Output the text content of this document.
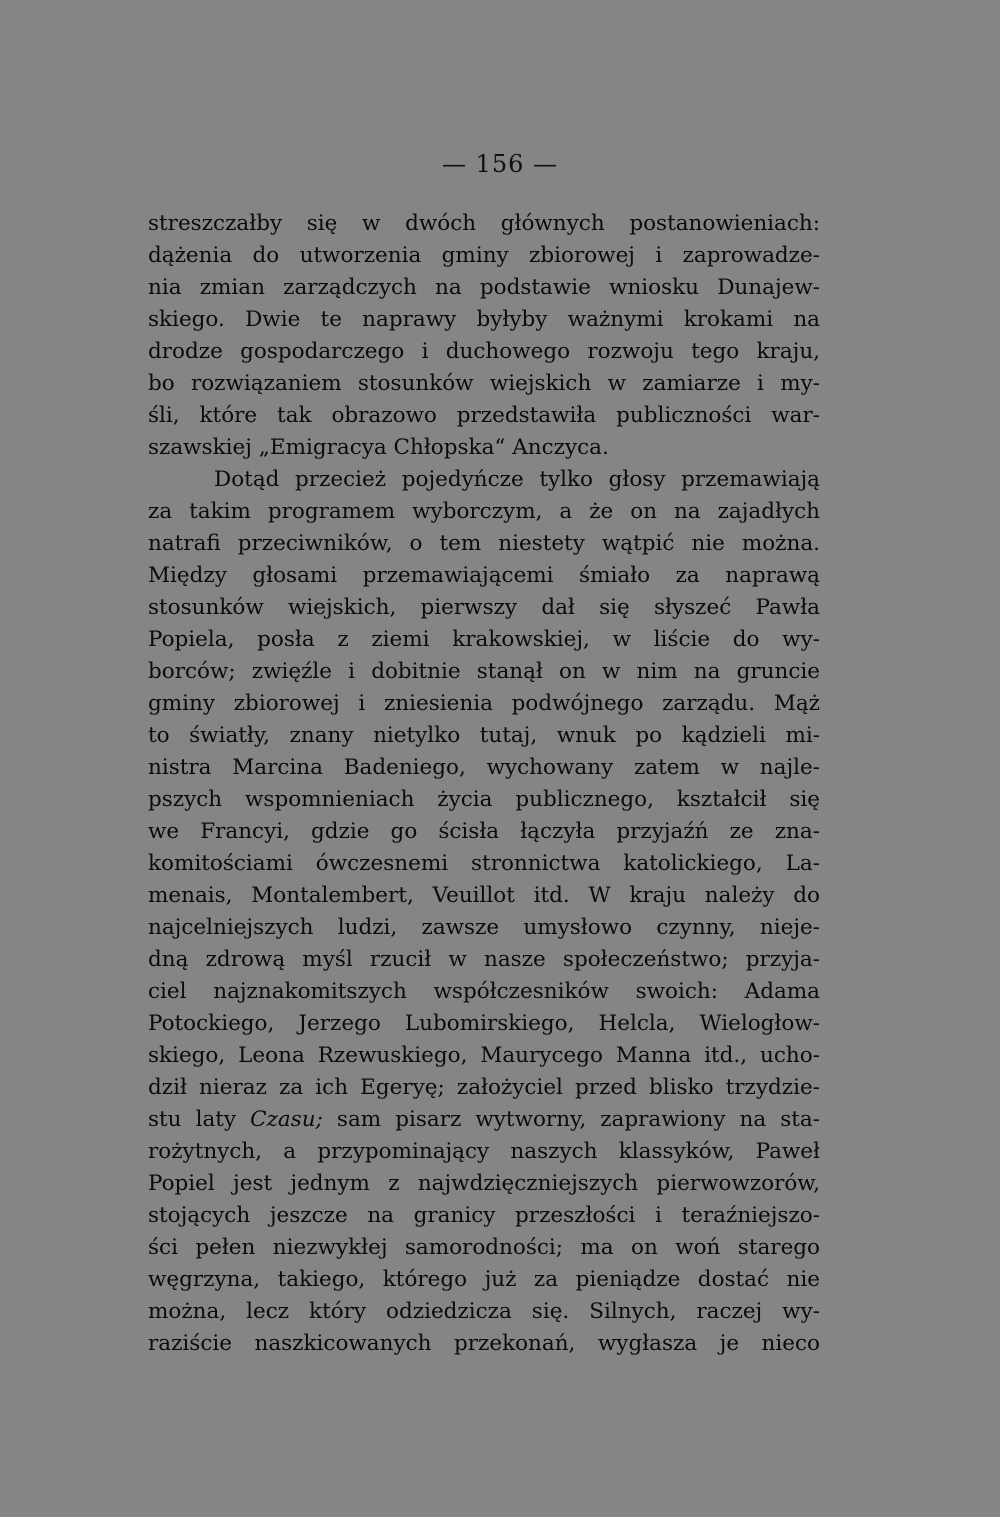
— 156 —
streszczałby się w dwóch głównych postanowieniach:
dążenia do utworzenia gminy zbiorowej i zaprowadze-
nia zmian zarządczych na podstawie wniosku Dunajew-
skiego. Dwie te naprawy byłyby ważnymi krokami na
drodze gospodarczego i duchowego rozwoju tego kraju,
bo rozwiązaniem stosunków wiejskich w zamiarze i my-
śli, które tak obrazowo przedstawiła publiczności war-
szawskiej „Emigracya Chłopska“ Anczyca.
Dotąd przecież pojedyńcze tylko głosy przemawiają
za takim programem wyborczym, a że on na zajadłych
natrafi przeciwników, o tem niestety wątpić nie można.
Między głosami przemawiającemi śmiało za naprawą
stosunków wiejskich, pierwszy dał się słyszeć Pawła
Popiela, posła z ziemi krakowskiej, w liście do wy-
borców; zwięźle i dobitnie stanął on w nim na gruncie
gminy zbiorowej i zniesienia podwójnego zarządu. Mąż
to światły, znany nietylko tutaj, wnuk po kądzieli mi-
nistra Marcina Badeniego, wychowany zatem w najle-
pszych wspomnieniach życia publicznego, kształcił się
we Francyi, gdzie go ścisła łączyła przyjaźń ze zna-
komitościami ówczesnemi stronnictwa katolickiego, La-
menais, Montalembert, Veuillot itd. W kraju należy do
najcelniejszych ludzi, zawsze umysłowo czynny, nieje-
dną zdrową myśl rzucił w nasze społeczeństwo; przyja-
ciel najznakomitszych współczesników swoich: Adama
Potockiego, Jerzego Lubomirskiego, Helcla, Wielogłow-
skiego, Leona Rzewuskiego, Maurycego Manna itd., ucho-
dził nieraz za ich Egeryę; założyciel przed blisko trzydzie-
stu laty Czasu; sam pisarz wytworny, zaprawiony na sta-
rożytnych, a przypominający naszych klassyków, Paweł
Popiel jest jednym z najwdzięczniejszych pierwowzorów,
stojących jeszcze na granicy przeszłości i teraźniejszo-
ści pełen niezwykłej samorodności; ma on woń starego
węgrzyna, takiego, którego już za pieniądze dostać nie
można, lecz który odziedzicza się. Silnych, raczej wy-
raziście naszkicowanych przekonań, wygłasza je nieco
